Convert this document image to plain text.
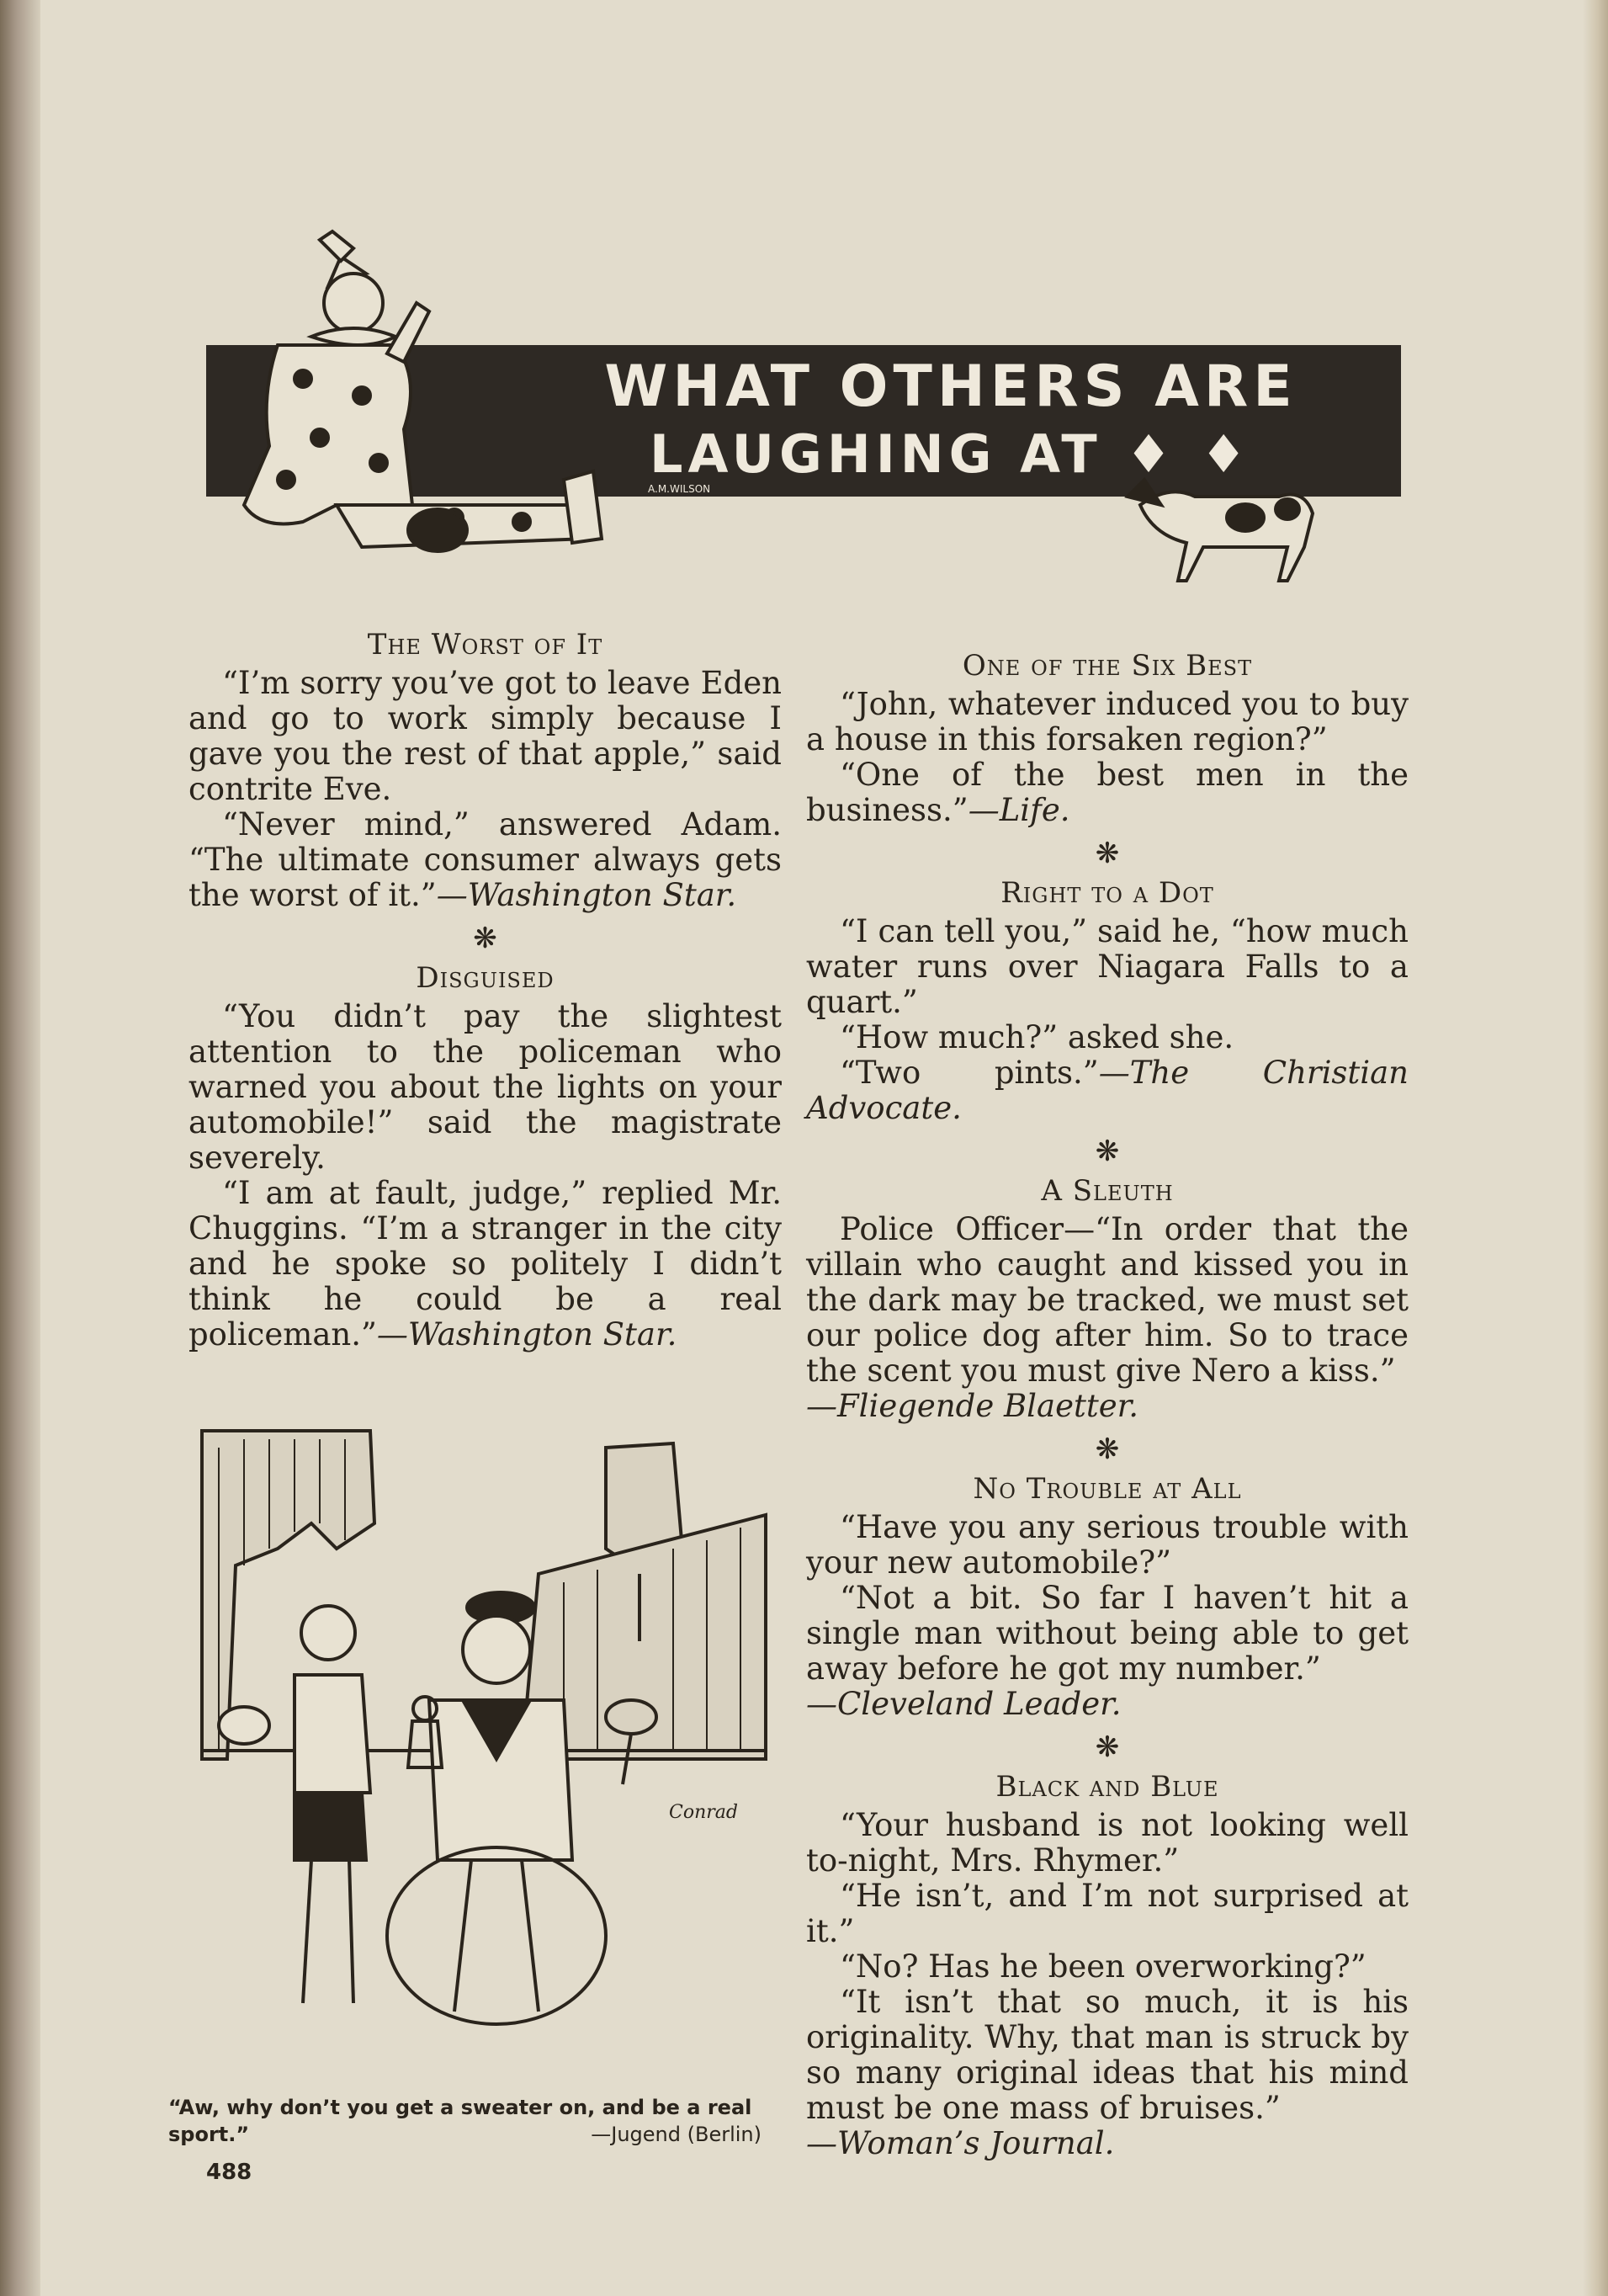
A.M.WILSON
WHAT OTHERS ARE
LAUGHING AT ♦ ♦
The Worst of It

“I’m sorry you’ve got to leave Eden and go to work simply because I gave you the rest of that apple,” said contrite Eve.

“Never mind,” answered Adam. “The ultimate consumer always gets the worst of it.”—Washington Star.

❋
Disguised

“You didn’t pay the slightest attention to the policeman who warned you about the lights on your automobile!” said the magistrate severely.

“I am at fault, judge,” replied Mr. Chuggins. “I’m a stranger in the city and he spoke so politely I didn’t think he could be a real policeman.”—Washington Star.

Conrad
“Aw, why don’t you get a sweater on, and be a real sport.”	—Jugend (Berlin)
488
One of the Six Best

“John, whatever induced you to buy a house in this forsaken region?”

“One of the best men in the business.”—Life.

❋
Right to a Dot

“I can tell you,” said he, “how much water runs over Niagara Falls to a quart.”

“How much?” asked she.

“Two pints.”—The Christian Advocate.

❋
A Sleuth

Police Officer—“In order that the villain who caught and kissed you in the dark may be tracked, we must set our police dog after him. So to trace the scent you must give Nero a kiss.”

—Fliegende Blaetter.

❋
No Trouble at All

“Have you any serious trouble with your new automobile?”

“Not a bit. So far I haven’t hit a single man without being able to get away before he got my number.”

—Cleveland Leader.

❋
Black and Blue

“Your husband is not looking well to-night, Mrs. Rhymer.”

“He isn’t, and I’m not surprised at it.”

“No? Has he been overworking?”

“It isn’t that so much, it is his originality. Why, that man is struck by so many original ideas that his mind must be one mass of bruises.”

—Woman’s Journal.
